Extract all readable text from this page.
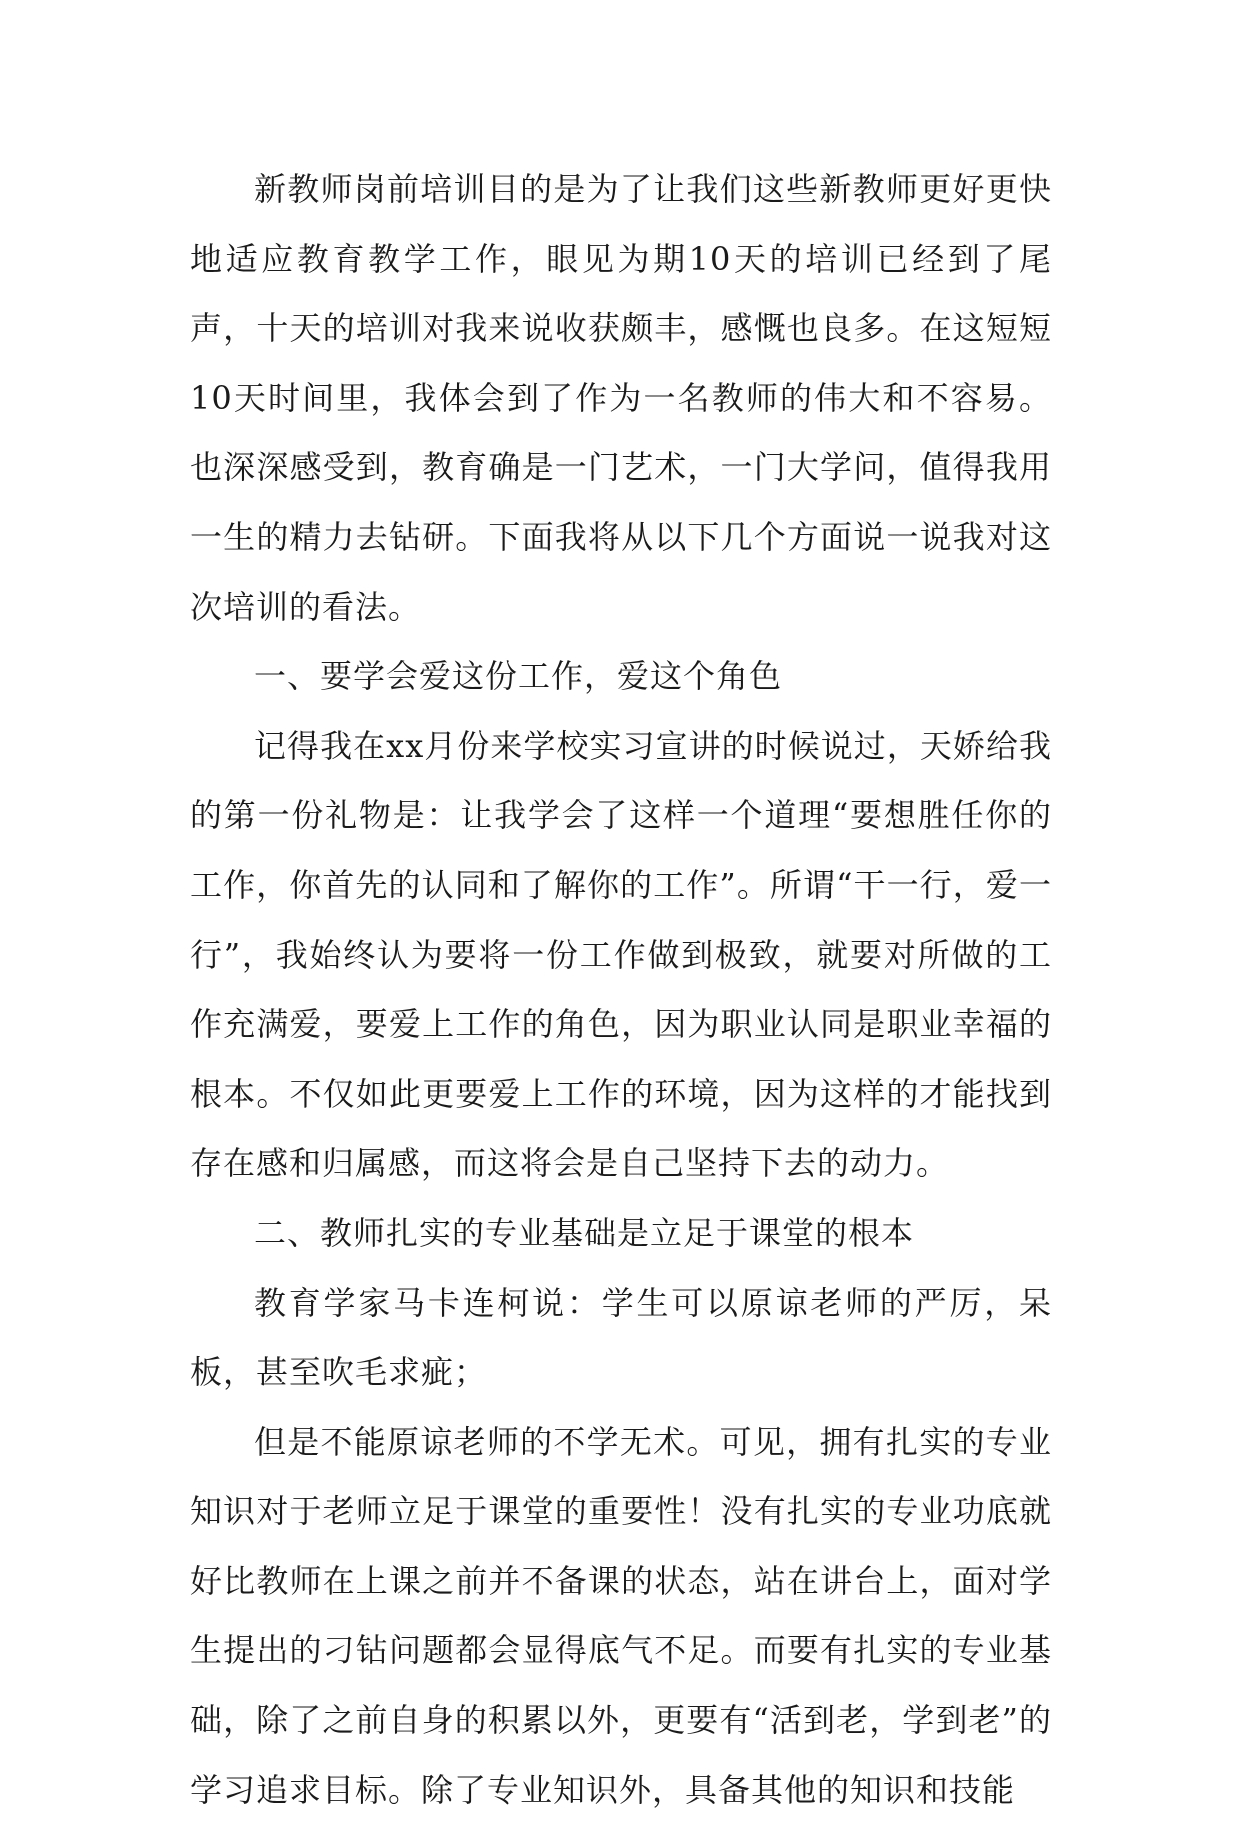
新教师岗前培训目的是为了让我们这些新教师更好更快地适应教育教学工作，眼见为期10天的培训已经到了尾声，十天的培训对我来说收获颇丰，感慨也良多。在这短短10天时间里，我体会到了作为一名教师的伟大和不容易。也深深感受到，教育确是一门艺术，一门大学问，值得我用一生的精力去钻研。下面我将从以下几个方面说一说我对这次培训的看法。

一、要学会爱这份工作，爱这个角色

记得我在xx月份来学校实习宣讲的时候说过，天娇给我的第一份礼物是：让我学会了这样一个道理“要想胜任你的工作，你首先的认同和了解你的工作”。所谓“干一行，爱一行”，我始终认为要将一份工作做到极致，就要对所做的工作充满爱，要爱上工作的角色，因为职业认同是职业幸福的根本。不仅如此更要爱上工作的环境，因为这样的才能找到存在感和归属感，而这将会是自己坚持下去的动力。

二、教师扎实的专业基础是立足于课堂的根本

教育学家马卡连柯说：学生可以原谅老师的严厉，呆板，甚至吹毛求疵；

但是不能原谅老师的不学无术。可见，拥有扎实的专业知识对于老师立足于课堂的重要性！没有扎实的专业功底就好比教师在上课之前并不备课的状态，站在讲台上，面对学生提出的刁钻问题都会显得底气不足。而要有扎实的专业基础，除了之前自身的积累以外，更要有“活到老，学到老”的学习追求目标。除了专业知识外，具备其他的知识和技能
